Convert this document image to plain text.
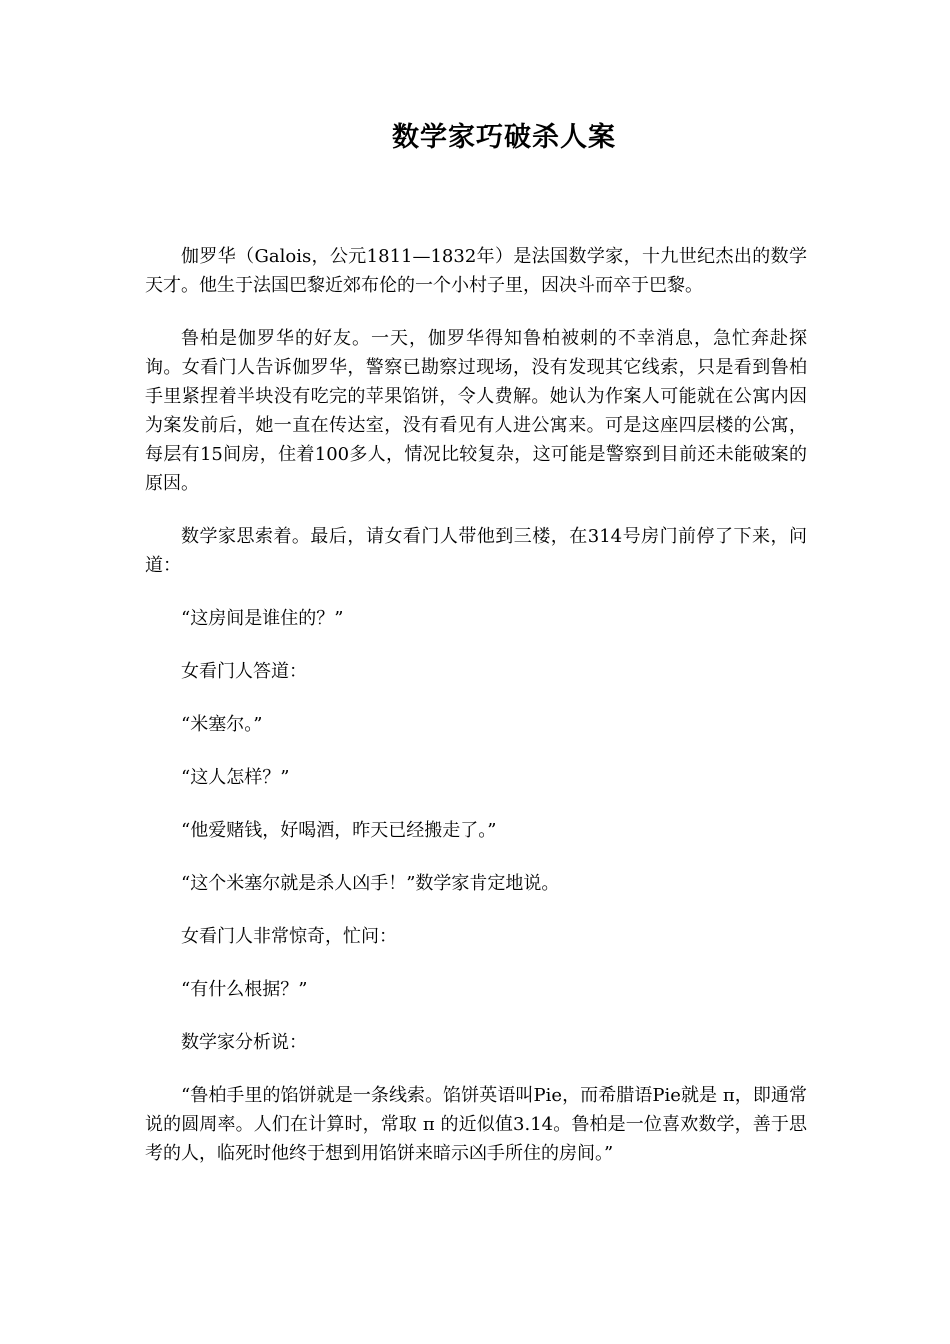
数学家巧破杀人案

伽罗华（Galois，公元1811—1832年）是法国数学家，十九世纪杰出的数学天才。他生于法国巴黎近郊布伦的一个小村子里，因决斗而卒于巴黎。

鲁柏是伽罗华的好友。一天，伽罗华得知鲁柏被刺的不幸消息，急忙奔赴探询。女看门人告诉伽罗华，警察已勘察过现场，没有发现其它线索，只是看到鲁柏手里紧捏着半块没有吃完的苹果馅饼，令人费解。她认为作案人可能就在公寓内因为案发前后，她一直在传达室，没有看见有人进公寓来。可是这座四层楼的公寓，每层有15间房，住着100多人，情况比较复杂，这可能是警察到目前还未能破案的原因。

数学家思索着。最后，请女看门人带他到三楼，在314号房门前停了下来，问道：

“这房间是谁住的？”

女看门人答道：

“米塞尔。”

“这人怎样？”

“他爱赌钱，好喝酒，昨天已经搬走了。”

“这个米塞尔就是杀人凶手！”数学家肯定地说。

女看门人非常惊奇，忙问：

“有什么根据？”

数学家分析说：

“鲁柏手里的馅饼就是一条线索。馅饼英语叫Pie，而希腊语Pie就是 π，即通常说的圆周率。人们在计算时，常取 π 的近似值3.14。鲁柏是一位喜欢数学，善于思考的人，临死时他终于想到用馅饼来暗示凶手所住的房间。”
